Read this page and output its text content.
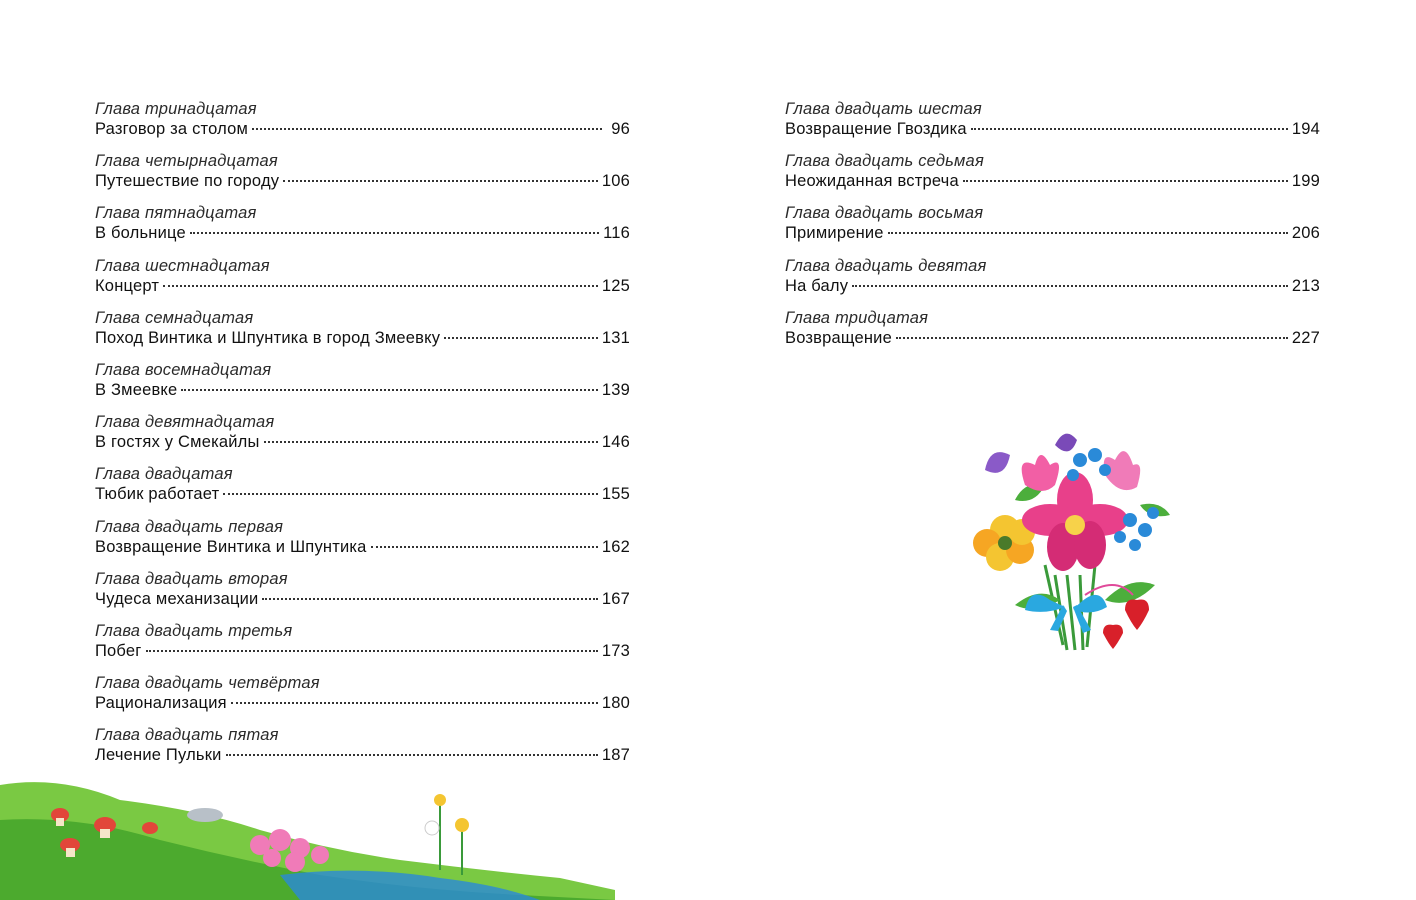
Глава тринадцатая
Разговор за столом	96
Глава четырнадцатая
Путешествие по городу	106
Глава пятнадцатая
В больнице	116
Глава шестнадцатая
Концерт	125
Глава семнадцатая
Поход Винтика и Шпунтика в город Змеевку	131
Глава восемнадцатая
В Змеевке	139
Глава девятнадцатая
В гостях у Смекайлы	146
Глава двадцатая
Тюбик работает	155
Глава двадцать первая
Возвращение Винтика и Шпунтика	162
Глава двадцать вторая
Чудеса механизации	167
Глава двадцать третья
Побег	173
Глава двадцать четвёртая
Рационализация	180
Глава двадцать пятая
Лечение Пульки	187
Глава двадцать шестая
Возвращение Гвоздика	194
Глава двадцать седьмая
Неожиданная встреча	199
Глава двадцать восьмая
Примирение	206
Глава двадцать девятая
На балу	213
Глава тридцатая
Возвращение	227
